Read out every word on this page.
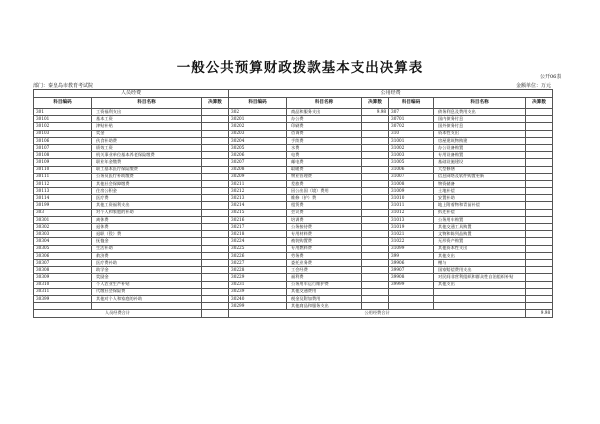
一般公共预算财政拨款基本支出决算表
公开06表
部门：秦皇岛市教育考试院	金额单位：万元
人员经费			公用经费					
科目编码	科目名称	决算数	科目编码	科目名称	决算数	科目编码	科目名称	决算数
301	工资福利支出		302	商品和服务支出	9.98	307	债务利息及费用支出	
30101	基本工资		30201	办公费		30701	国内债务付息	
30102	津贴补贴		30202	印刷费		30702	国外债务付息	
30103	奖金		30203	咨询费		310	资本性支出	
30106	伙食补助费		30204	手续费		31001	房屋建筑物购建	
30107	绩效工资		30205	水费		31002	办公设备购置	
30108	机关事业单位基本养老保险缴费		30206	电费		31003	专用设备购置	
30109	职业年金缴费		30207	邮电费		31005	基础设施建设	
30110	职工基本医疗保险缴费		30208	取暖费		31006	大型修缮	
30111	公务员医疗补助缴费		30209	物业管理费		31007	信息网络及软件购置更新	
30112	其他社会保障缴费		30211	差旅费		31008	物资储备	
30113	住房公积金		30212	因公出国（境）费用		31009	土地补偿	
30114	医疗费		30213	维修（护）费		31010	安置补助	
30199	其他工资福利支出		30214	租赁费		31011	地上附着物和青苗补偿	
303	对个人和家庭的补助		30215	会议费		31012	拆迁补偿	
30301	离休费		30216	培训费		31013	公务用车购置	
30302	退休费		30217	公务接待费		31019	其他交通工具购置	
30303	退职（役）费		30218	专用材料费		31021	文物和陈列品购置	
30304	抚恤金		30224	被装购置费		31022	无形资产购置	
30305	生活补助		30225	专用燃料费		31099	其他资本性支出	
30306	救济费		30226	劳务费		399	其他支出	
30307	医疗费补助		30227	委托业务费		39906	赠与	
30308	助学金		30228	工会经费		39907	国家赔偿费用支出	
30309	奖励金		30229	福利费		39908	对民间非营利组织和群众性自治组织补贴	
30310	个人农业生产补贴		30231	公务用车运行维护费		39999	其他支出	
30311	代缴社会保险费		30239	其他交通费用				
30399	其他对个人和家庭的补助		30240	税金及附加费用				
			30299	其他商品和服务支出				
人员经费合计			公用经费合计					9.98
